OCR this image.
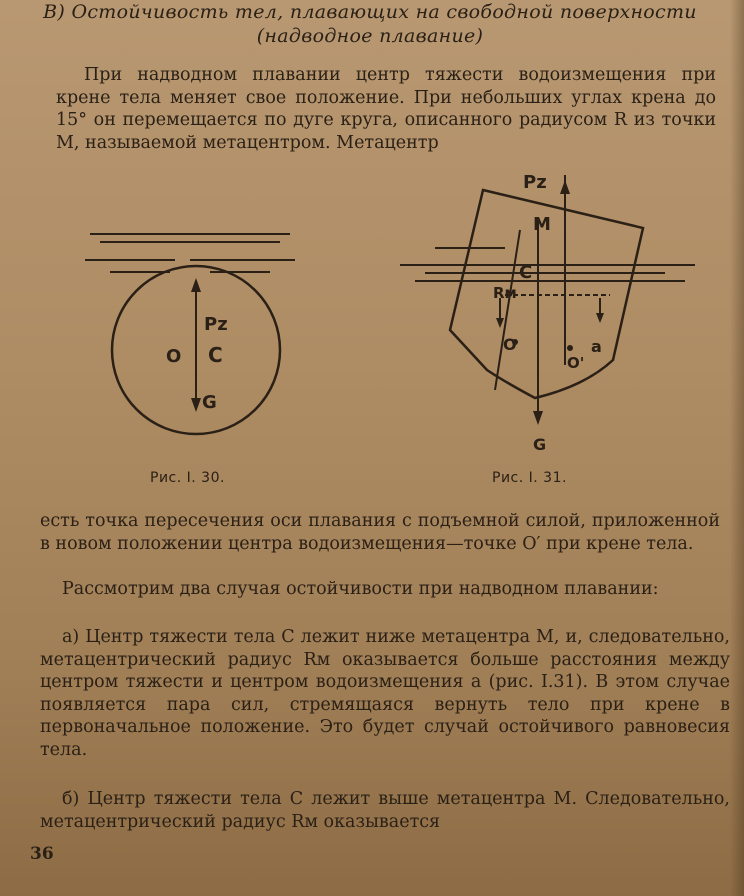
В) Остойчивость тел, плавающих на свободной поверхности
(надводное плавание)
При надводном плавании центр тяжести водоизмещения при крене тела меняет свое положение. При небольших углах крена до 15° он перемещается по дуге круга, описанного радиусом R из точки M, называемой метацентром. Метацентр
Pz
C
O
G
Рис. I. 30.
Pz
M
C
Rм
O
O'
a
G
Рис. I. 31.
есть точка пересечения оси плавания с подъемной силой, приложенной в новом положении центра водоизмещения—точке O′ при крене тела.
Рассмотрим два случая остойчивости при надводном плавании:
а) Центр тяжести тела C лежит ниже метацентра M, и, следовательно, метацентрический радиус Rм оказывается больше расстояния между центром тяжести и центром водоизмещения a (рис. I.31). В этом случае появляется пара сил, стремящаяся вернуть тело при крене в первоначальное положение. Это будет случай остойчивого равновесия тела.
б) Центр тяжести тела C лежит выше метацентра M. Следовательно, метацентрический радиус Rм оказывается
36
